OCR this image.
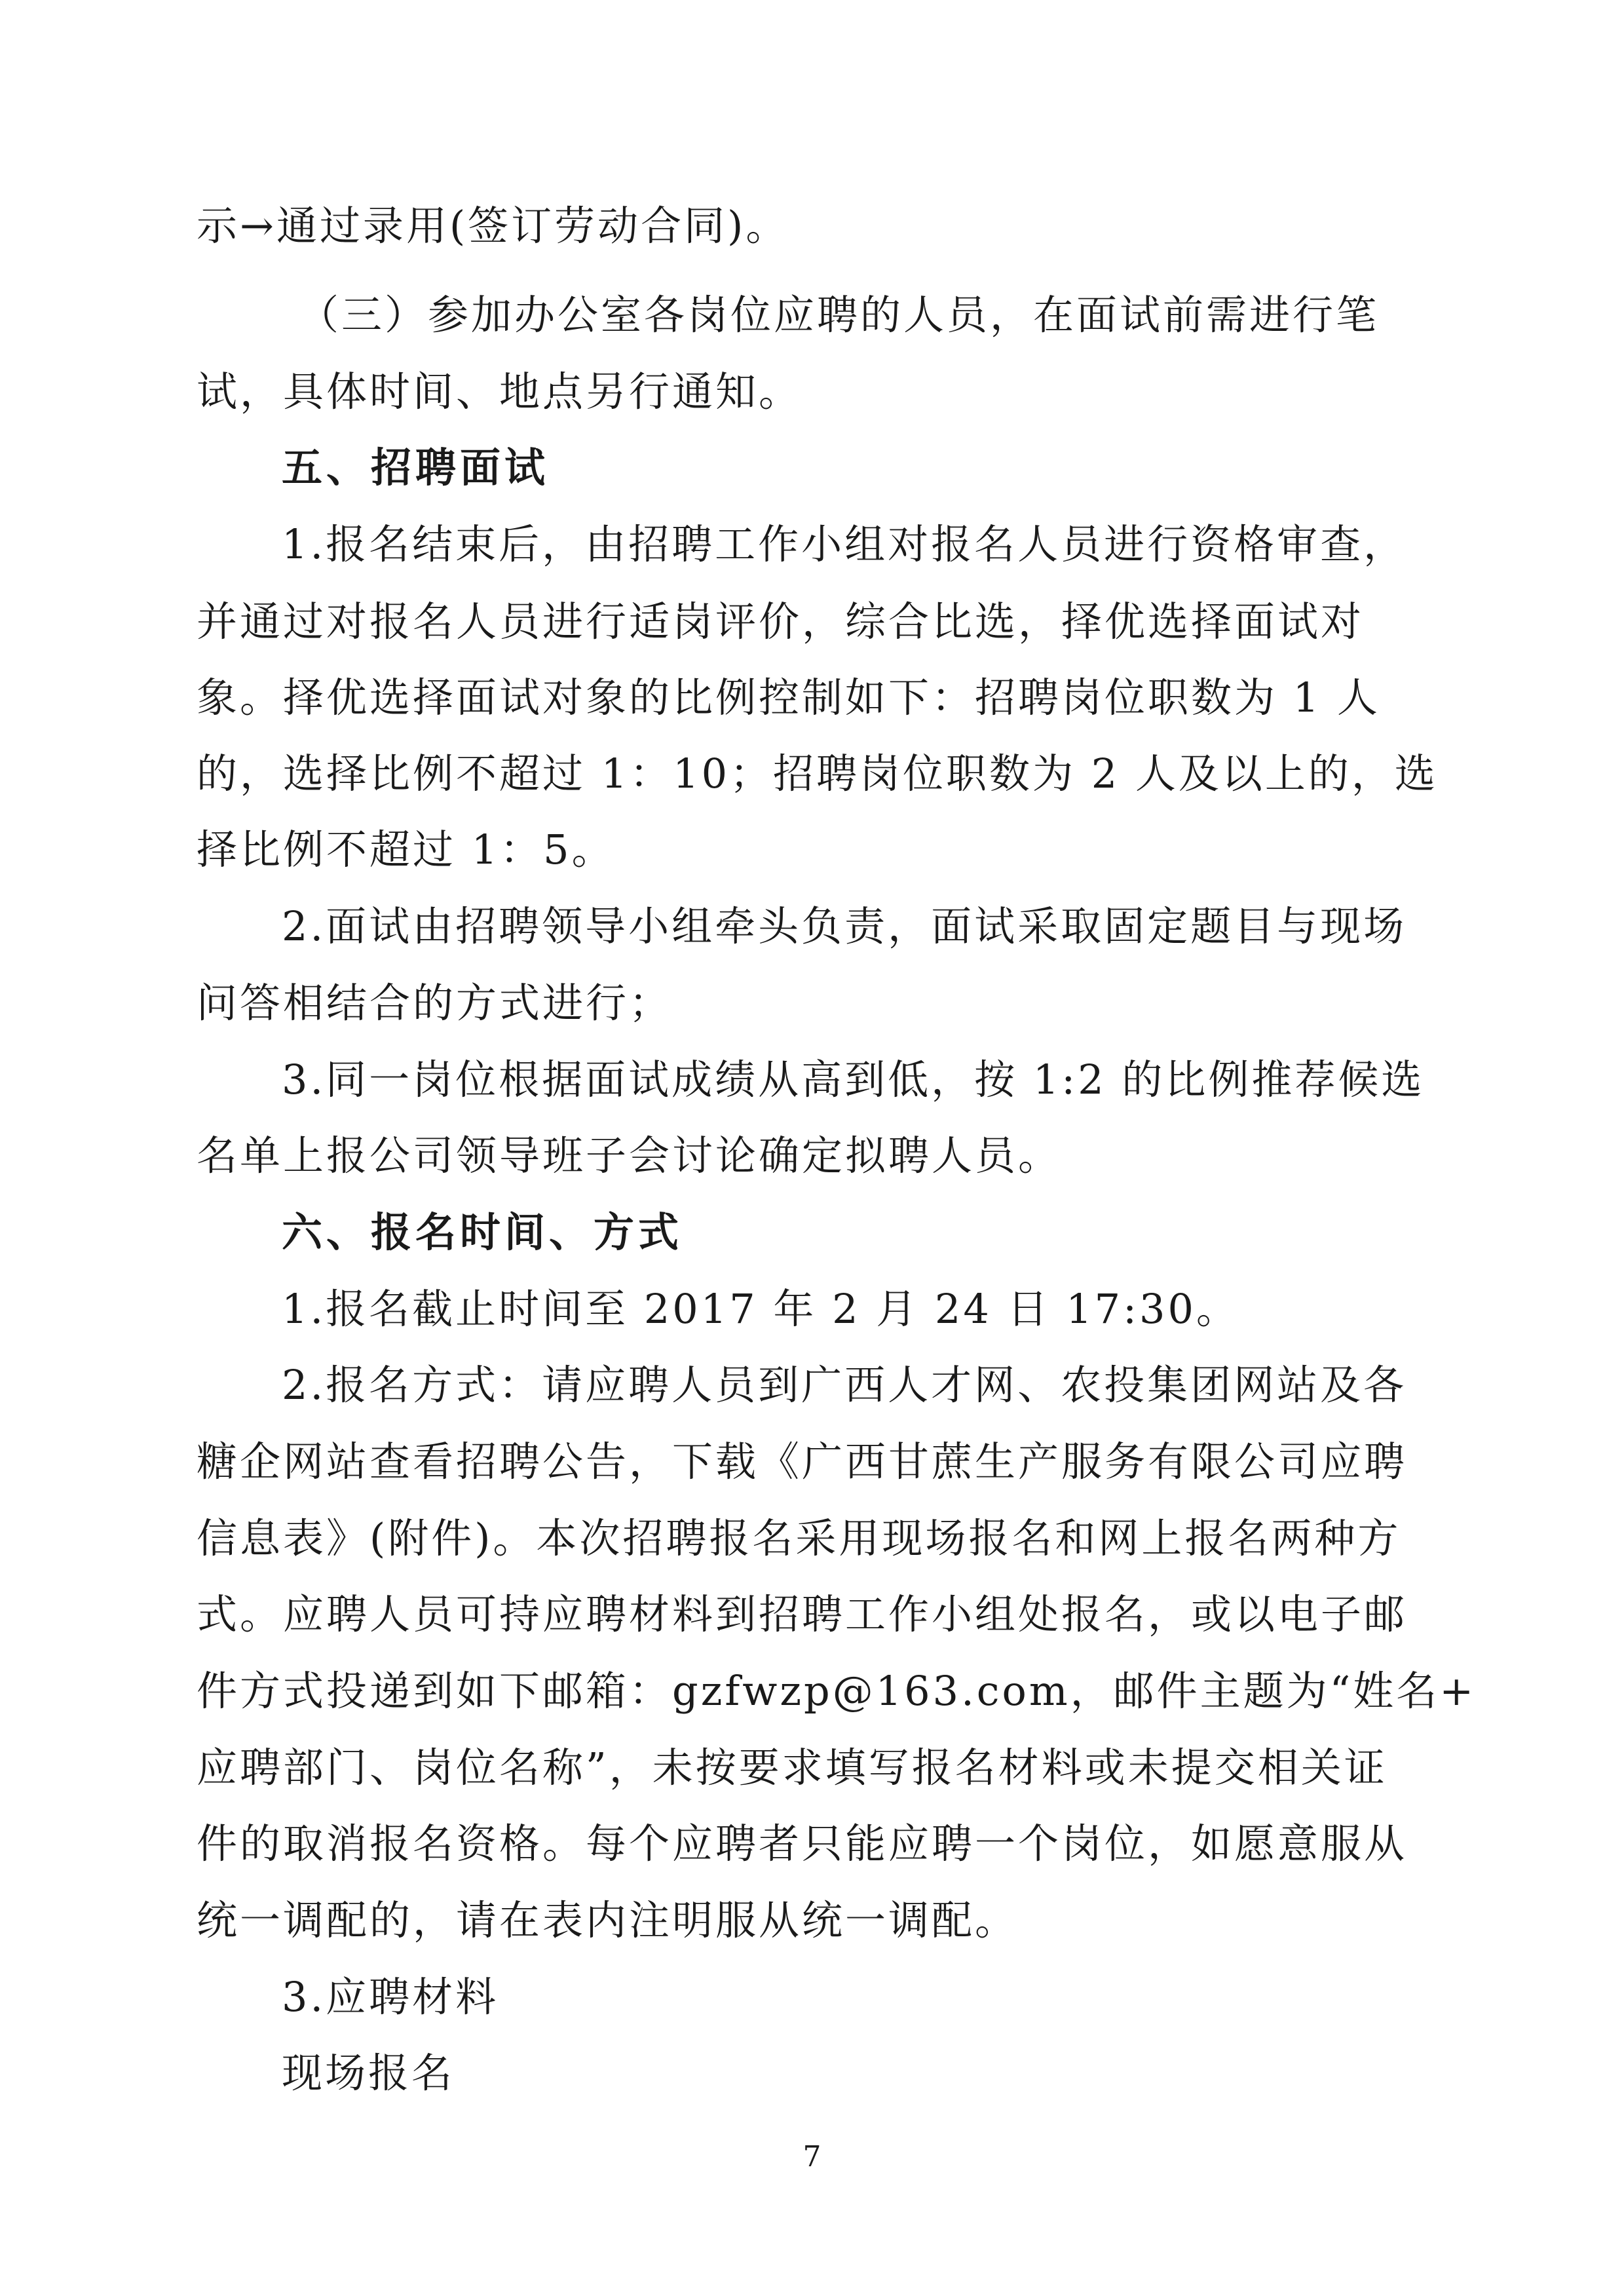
示→通过录用(签订劳动合同)。
（三）参加办公室各岗位应聘的人员，在面试前需进行笔
试，具体时间、地点另行通知。
五、招聘面试
1.报名结束后，由招聘工作小组对报名人员进行资格审查，
并通过对报名人员进行适岗评价，综合比选，择优选择面试对
象。择优选择面试对象的比例控制如下：招聘岗位职数为 1 人
的，选择比例不超过 1：10；招聘岗位职数为 2 人及以上的，选
择比例不超过 1：5。
2.面试由招聘领导小组牵头负责，面试采取固定题目与现场
问答相结合的方式进行；
3.同一岗位根据面试成绩从高到低，按 1:2 的比例推荐候选
名单上报公司领导班子会讨论确定拟聘人员。
六、报名时间、方式
1.报名截止时间至 2017 年 2 月 24 日 17:30。
2.报名方式：请应聘人员到广西人才网、农投集团网站及各
糖企网站查看招聘公告，下载《广西甘蔗生产服务有限公司应聘
信息表》(附件)。本次招聘报名采用现场报名和网上报名两种方
式。应聘人员可持应聘材料到招聘工作小组处报名，或以电子邮
件方式投递到如下邮箱：gzfwzp@163.com，邮件主题为“姓名+
应聘部门、岗位名称”，未按要求填写报名材料或未提交相关证
件的取消报名资格。每个应聘者只能应聘一个岗位，如愿意服从
统一调配的，请在表内注明服从统一调配。
3.应聘材料
现场报名
7
